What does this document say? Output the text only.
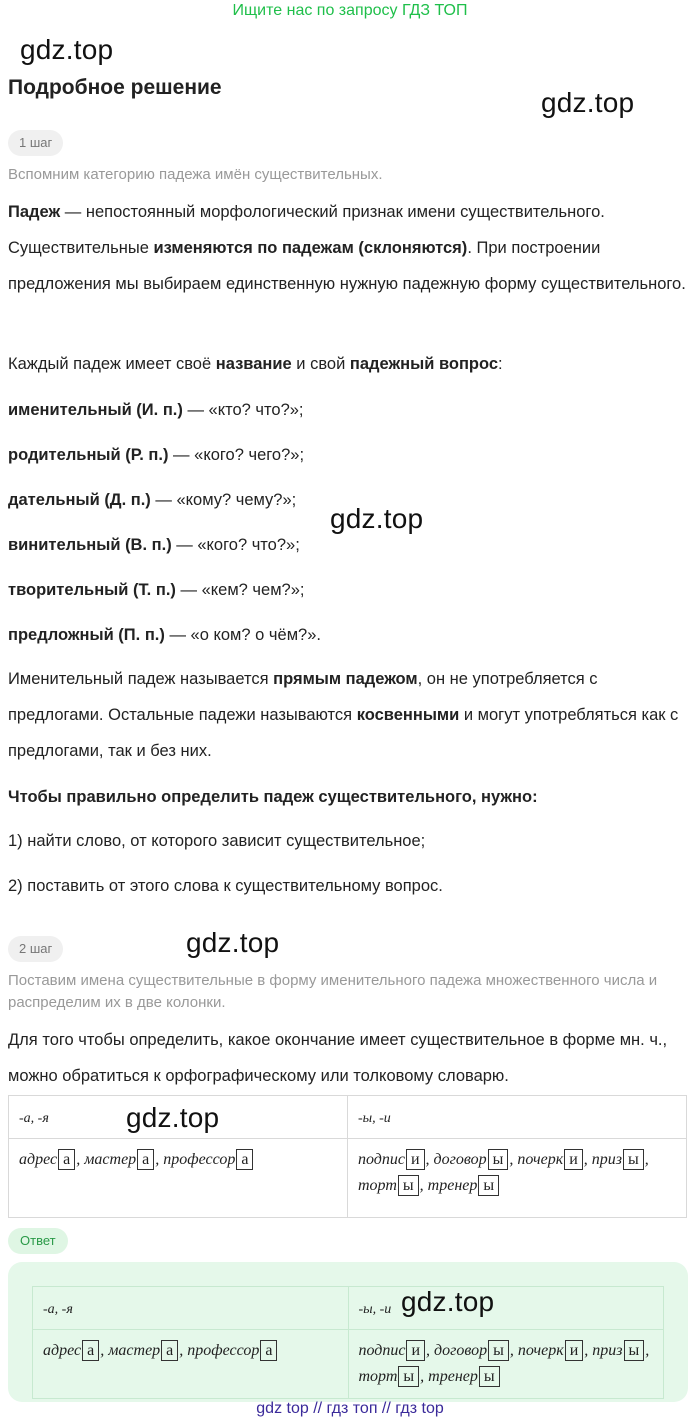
Ищите нас по запросу ГДЗ ТОП
gdz.top
gdz.top
gdz.top
gdz.top
Подробное решение
1 шаг
Вспомним категорию падежа имён существительных.
Падеж — непостоянный морфологический признак имени существительного. Существительные изменяются по падежам (склоняются). При построении предложения мы выбираем единственную нужную падежную форму существительного.
Каждый падеж имеет своё название и свой падежный вопрос:
именительный (И. п.) — «кто? что?»;
родительный (Р. п.) — «кого? чего?»;
дательный (Д. п.) — «кому? чему?»;
винительный (В. п.) — «кого? что?»;
творительный (Т. п.) — «кем? чем?»;
предложный (П. п.) — «о ком? о чём?».
Именительный падеж называется прямым падежом, он не употребляется с предлогами. Остальные падежи называются косвенными и могут употребляться как с предлогами, так и без них.
Чтобы правильно определить падеж существительного, нужно:
1) найти слово, от которого зависит существительное;
2) поставить от этого слова к существительному вопрос.
2 шаг
Поставим имена существительные в форму именительного падежа множественного числа и распределим их в две колонки.
Для того чтобы определить, какое окончание имеет существительное в форме мн. ч., можно обратиться к орфографическому или толковому словарю.
-а, -я	-ы, -и
адрес а , мастер а , профессор а	подпис и , договор ы , почерк и , приз ы , торт ы , тренер ы
gdz.top
Ответ
-а, -я	-ы, -и
адрес а , мастер а , профессор а	подпис и , договор ы , почерк и , приз ы , торт ы , тренер ы
gdz.top
gdz top // гдз топ // гдз top
